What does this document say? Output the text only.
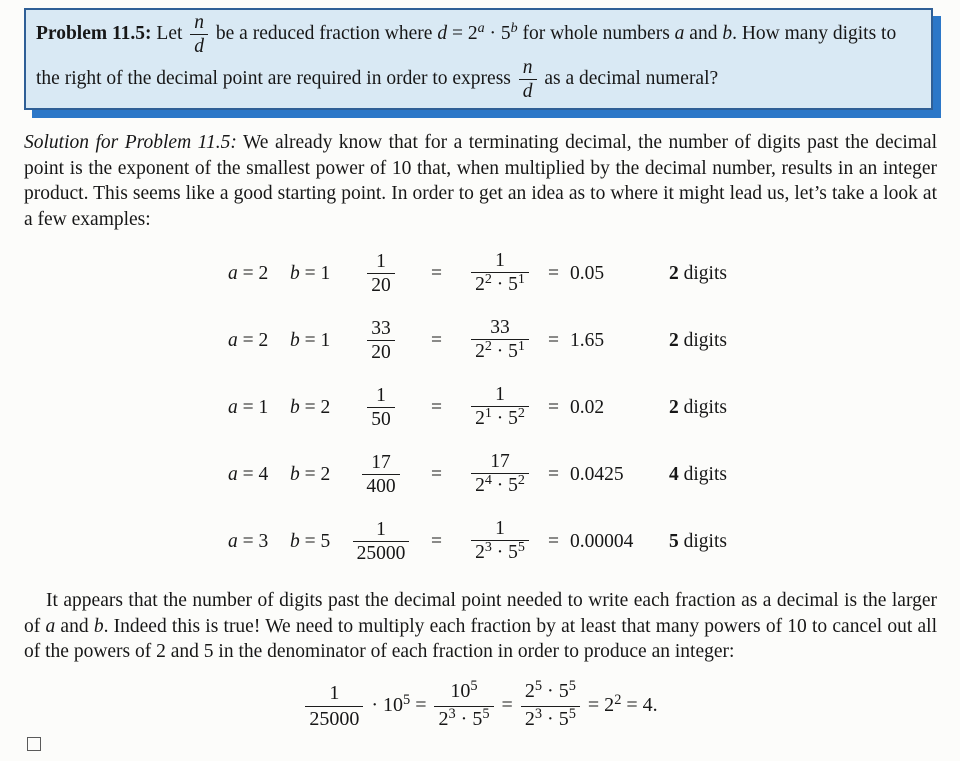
Problem 11.5: Let $\frac{n}{d}$ be a reduced fraction where $d = 2^a \cdot 5^b$ for whole numbers a and b. How many digits to the right of the decimal point are required in order to express $\frac{n}{d}$ as a decimal numeral?

Solution for Problem 11.5: We already know that for a terminating decimal, the number of digits past the decimal point is the exponent of the smallest power of 10 that, when multiplied by the decimal number, results in an integer product. This seems like a good starting point. In order to get an idea as to where it might lead us, let’s take a look at a few examples:

a = 2	b = 1	$\frac{1}{20}$	=	$\frac{1}{2^2 \cdot 5^1} = 0.05$	2 digits
a = 2	b = 1	$\frac{33}{20}$	=	$\frac{33}{2^2 \cdot 5^1} = 1.65$	2 digits
a = 1	b = 2	$\frac{1}{50}$	=	$\frac{1}{2^1 \cdot 5^2} = 0.02$	2 digits
a = 4	b = 2	$\frac{17}{400}$	=	$\frac{17}{2^4 \cdot 5^2} = 0.0425$	4 digits
a = 3	b = 5	$\frac{1}{25000}$	=	$\frac{1}{2^3 \cdot 5^5} = 0.00004$	5 digits

It appears that the number of digits past the decimal point needed to write each fraction as a decimal is the larger of a and b. Indeed this is true! We need to multiply each fraction by at least that many powers of 10 to cancel out all of the powers of 2 and 5 in the denominator of each fraction in order to produce an integer:

$\frac{1}{25000} \cdot 10^5 = \frac{10^5}{2^3 \cdot 5^5} = \frac{2^5 \cdot 5^5}{2^3 \cdot 5^5} = 2^2 = 4$.
